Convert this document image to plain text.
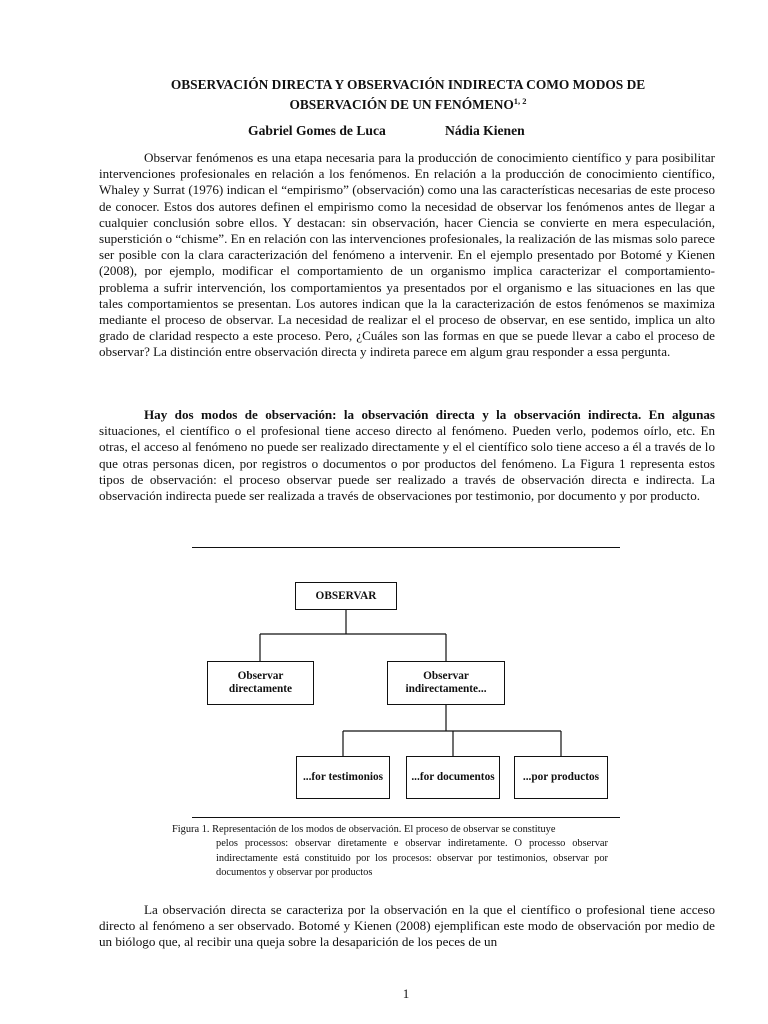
OBSERVACIÓN DIRECTA Y OBSERVACIÓN INDIRECTA COMO MODOS DE
OBSERVACIÓN DE UN FENÓMENO$^{1, 2}$
Gabriel Gomes de Luca	Nádia Kienen

Observar fenómenos es una etapa necesaria para la producción de conocimiento científico y para posibilitar intervenciones profesionales en relación a los fenómenos. En relación a la producción de conocimiento científico, Whaley y Surrat (1976) indican el “empirismo” (observación) como una las características necesarias de este proceso de conocer. Estos dos autores definen el empirismo como la necesidad de observar los fenómenos antes de llegar a cualquier conclusión sobre ellos. Y destacan: sin observación, hacer Ciencia se convierte en mera especulación, superstición o “chisme”. En en relación con las intervenciones profesionales, la realización de las mismas solo parece ser posible con la clara caracterización del fenómeno a intervenir. En el ejemplo presentado por Botomé y Kienen (2008), por ejemplo, modificar el comportamiento de un organismo implica caracterizar el comportamiento-problema a sufrir intervención, los comportamientos ya presentados por el organismo e las situaciones en las que tales comportamientos se presentan. Los autores indican que la la caracterización de estos fenómenos se maximiza mediante el proceso de observar. La necesidad de realizar el el proceso de observar, en ese sentido, implica un alto grado de claridad respecto a este proceso. Pero, ¿Cuáles son las formas en que se puede llevar a cabo el proceso de observar? La distinción entre observación directa y indireta parece em algum grau responder a essa pergunta.

Hay dos modos de observación: la observación directa y la observación indirecta. En algunas situaciones, el científico o el profesional tiene acceso directo al fenómeno. Pueden verlo, podemos oírlo, etc. En otras, el acceso al fenómeno no puede ser realizado directamente y el el científico solo tiene acceso a él a través de lo que otras personas dicen, por registros o documentos o por productos del fenómeno. La Figura 1 representa estos tipos de observación: el proceso observar puede ser realizado a través de observación directa e indirecta. La observación indirecta puede ser realizada a través de observaciones por testimonio, por documento y por producto.

OBSERVAR
Observar directamente
Observar indirectamente...
...for testimonios	...for documentos	...por productos

Figura 1. Representación de los modos de observación. El proceso de observar se constituye
pelos processos: observar diretamente e observar indiretamente. O processo observar indirectamente está constituido por los procesos: observar por testimonios, observar por documentos y observar por productos

La observación directa se caracteriza por la observación en la que el científico o profesional tiene acceso directo al fenómeno a ser observado. Botomé y Kienen (2008) ejemplifican este modo de observación por medio de un biólogo que, al recibir una queja sobre la desaparición de los peces de un

1
